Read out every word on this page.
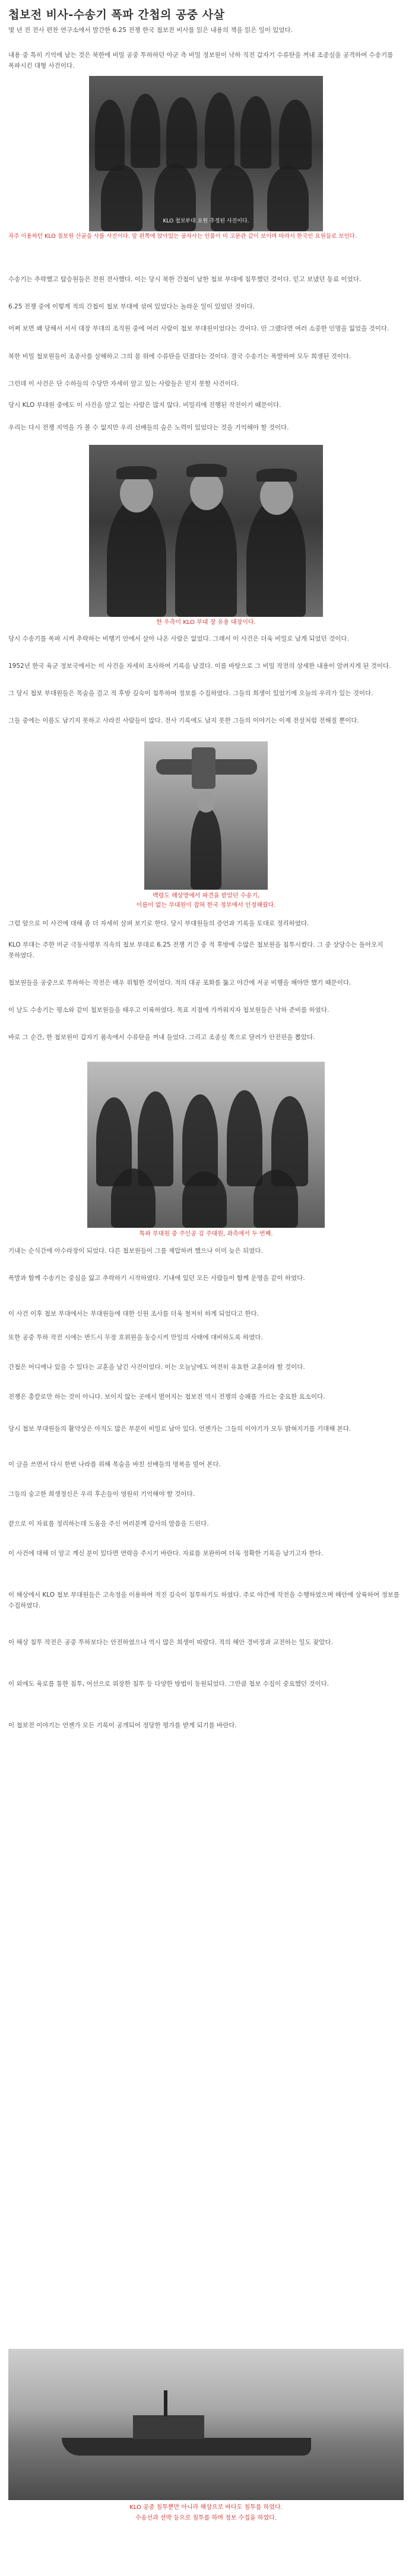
첩보전 비사-수송기 폭파 간첩의 공중 사살

몇 년 전 전사 편찬 연구소에서 발간한 6.25 전쟁 한국 첩보전 비사를 읽은 내용의 책을 읽은 일이 있었다.

내용 중 특히 기억에 남는 것은 북한에 비밀 공중 투하하던 아군 측 비밀 정보원이 낙하 직전 갑자기 수류탄을 꺼내 조종실을 공격하여 수송기를 폭파시킨 대형 사건이다.

KLO 첩보부대 요원 추정된 사진이다.
자주 이용하던 KLO 첩보원 산골을 사를 사진이다. 앞 왼쪽에 앉아있는 공자사는 인물이 미 고문관 같이 보이며 따라서 한국인 요원들로 보인다.

수송기는 추락했고 탑승원들은 전원 전사했다. 이는 당시 북한 간첩이 남한 첩보 부대에 침투했던 것이다. 믿고 보냈던 동료 이었다.

6.25 전쟁 중에 이렇게 적의 간첩이 첩보 부대에 섞여 있었다는 놀라운 일이 있었던 것이다.

어쩌 보면 왜 당해서 서서 대장 부대의 조직원 중에 여러 사람이 첩보 부대원이었다는 것이다. 안 그랬다면 여러 소중한 인명을 잃었을 것이다.

북한 비밀 첩보원들이 조종사를 살해하고 그의 몸 위에 수류탄을 던졌다는 것이다. 결국 수송기는 폭발하여 모두 희생된 것이다.

그런데 이 사건은 단 수하들의 수당만 자세히 알고 있는 사람들은 믿지 못할 사건이다.

당시 KLO 부대원 중에도 이 사건을 알고 있는 사람은 많지 않다. 비밀리에 진행된 작전이기 때문이다.

우리는 다시 전쟁 지역을 가 볼 수 없지만 우리 선배들의 숨은 노력이 있었다는 것을 기억해야 할 것이다.

한 우측이 KLO 부대 장 유용 대장이다.

당시 수송기를 폭파 시켜 추락하는 비행기 안에서 살아 나온 사람은 없었다. 그래서 이 사건은 더욱 비밀로 남게 되었던 것이다.

1952년 한국 육군 정보국에서는 이 사건을 자세히 조사하여 기록을 남겼다. 이를 바탕으로 그 비밀 작전의 상세한 내용이 알려지게 된 것이다.

그 당시 첩보 부대원들은 목숨을 걸고 적 후방 깊숙이 침투하여 정보를 수집하였다. 그들의 희생이 있었기에 오늘의 우리가 있는 것이다.

그들 중에는 이름도 남기지 못하고 사라진 사람들이 많다. 전사 기록에도 남지 못한 그들의 이야기는 이제 전설처럼 전해질 뿐이다.

백령도 해상망에서 파견을 받았던 수송기,
이름이 없는 부대원이 잡혀 한국 정부에서 인정해줬다.

그럼 앞으로 이 사건에 대해 좀 더 자세히 살펴 보기로 한다. 당시 부대원들의 증언과 기록을 토대로 정리하였다.

KLO 부대는 주한 미군 극동사령부 직속의 첩보 부대로 6.25 전쟁 기간 중 적 후방에 수많은 첩보원을 침투시켰다. 그 중 상당수는 돌아오지 못하였다.

첩보원들을 공중으로 투하하는 작전은 매우 위험한 것이었다. 적의 대공 포화를 뚫고 야간에 저공 비행을 해야만 했기 때문이다.

이 날도 수송기는 평소와 같이 첩보원들을 태우고 이륙하였다. 목표 지점에 가까워지자 첩보원들은 낙하 준비를 하였다.

바로 그 순간, 한 첩보원이 갑자기 품속에서 수류탄을 꺼내 들었다. 그리고 조종실 쪽으로 달려가 안전핀을 뽑았다.

특파 부대원 중 주인공 김 주대원, 좌측에서 두 번째.

기내는 순식간에 아수라장이 되었다. 다른 첩보원들이 그를 제압하려 했으나 이미 늦은 뒤였다.

폭발과 함께 수송기는 중심을 잃고 추락하기 시작하였다. 기내에 있던 모든 사람들이 함께 운명을 같이 하였다.

이 사건 이후 첩보 부대에서는 부대원들에 대한 신원 조사를 더욱 철저히 하게 되었다고 한다.

또한 공중 투하 작전 시에는 반드시 무장 호위원을 동승시켜 만일의 사태에 대비하도록 하였다.

간첩은 어디에나 있을 수 있다는 교훈을 남긴 사건이었다. 이는 오늘날에도 여전히 유효한 교훈이라 할 것이다.

전쟁은 총칼로만 하는 것이 아니다. 보이지 않는 곳에서 벌어지는 첩보전 역시 전쟁의 승패를 가르는 중요한 요소이다.

당시 첩보 부대원들의 활약상은 아직도 많은 부분이 비밀로 남아 있다. 언젠가는 그들의 이야기가 모두 밝혀지기를 기대해 본다.

이 글을 쓰면서 다시 한번 나라를 위해 목숨을 바친 선배들의 명복을 빌어 본다.

그들의 숭고한 희생정신은 우리 후손들이 영원히 기억해야 할 것이다.

끝으로 이 자료를 정리하는데 도움을 주신 여러분께 감사의 말씀을 드린다.

이 사건에 대해 더 알고 계신 분이 있다면 연락을 주시기 바란다. 자료를 보완하여 더욱 정확한 기록을 남기고자 한다.

이 해상에서 KLO 첩보 부대원들은 고속정을 이용하여 적진 깊숙이 침투하기도 하였다. 주로 야간에 작전을 수행하였으며 해안에 상륙하여 정보를 수집하였다.

이 해상 침투 작전은 공중 투하보다는 안전하였으나 역시 많은 희생이 따랐다. 적의 해안 경비정과 교전하는 일도 잦았다.

이 외에도 육로를 통한 침투, 어선으로 위장한 침투 등 다양한 방법이 동원되었다. 그만큼 첩보 수집이 중요했던 것이다.

이 첩보전 이야기는 언젠가 모든 기록이 공개되어 정당한 평가를 받게 되기를 바란다.

KLO 공중 침투뿐만 아니라 해상으로 바다도 침투를 하였다.
수송선과 선박 등으로 침투를 하며 정보 수집을 하였다.
